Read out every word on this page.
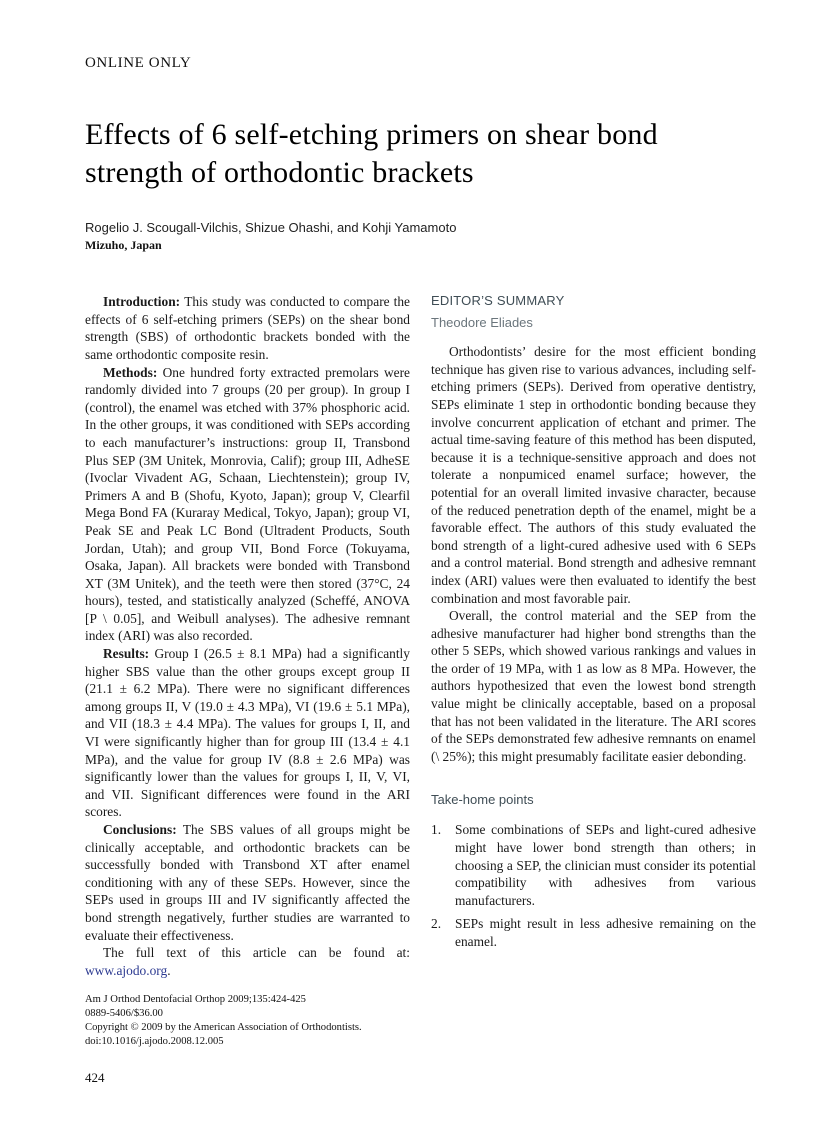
ONLINE ONLY
Effects of 6 self-etching primers on shear bond strength of orthodontic brackets
Rogelio J. Scougall-Vilchis, Shizue Ohashi, and Kohji Yamamoto
Mizuho, Japan

Introduction: This study was conducted to compare the effects of 6 self-etching primers (SEPs) on the shear bond strength (SBS) of orthodontic brackets bonded with the same orthodontic composite resin.

Methods: One hundred forty extracted premolars were randomly divided into 7 groups (20 per group). In group I (control), the enamel was etched with 37% phosphoric acid. In the other groups, it was conditioned with SEPs according to each manufacturer’s instructions: group II, Transbond Plus SEP (3M Unitek, Monrovia, Calif); group III, AdheSE (Ivoclar Vivadent AG, Schaan, Liechtenstein); group IV, Primers A and B (Shofu, Kyoto, Japan); group V, Clearfil Mega Bond FA (Kuraray Medical, Tokyo, Japan); group VI, Peak SE and Peak LC Bond (Ultradent Products, South Jordan, Utah); and group VII, Bond Force (Tokuyama, Osaka, Japan). All brackets were bonded with Transbond XT (3M Unitek), and the teeth were then stored (37°C, 24 hours), tested, and statistically analyzed (Scheffé, ANOVA [P \ 0.05], and Weibull analyses). The adhesive remnant index (ARI) was also recorded.

Results: Group I (26.5 ± 8.1 MPa) had a significantly higher SBS value than the other groups except group II (21.1 ± 6.2 MPa). There were no significant differences among groups II, V (19.0 ± 4.3 MPa), VI (19.6 ± 5.1 MPa), and VII (18.3 ± 4.4 MPa). The values for groups I, II, and VI were significantly higher than for group III (13.4 ± 4.1 MPa), and the value for group IV (8.8 ± 2.6 MPa) was significantly lower than the values for groups I, II, V, VI, and VII. Significant differences were found in the ARI scores.

Conclusions: The SBS values of all groups might be clinically acceptable, and orthodontic brackets can be successfully bonded with Transbond XT after enamel conditioning with any of these SEPs. However, since the SEPs used in groups III and IV significantly affected the bond strength negatively, further studies are warranted to evaluate their effectiveness.

The full text of this article can be found at: www.ajodo.org.

Am J Orthod Dentofacial Orthop 2009;135:424-425
0889-5406/$36.00
Copyright © 2009 by the American Association of Orthodontists.
doi:10.1016/j.ajodo.2008.12.005
EDITOR’S SUMMARY
Theodore Eliades

Orthodontists’ desire for the most efficient bonding technique has given rise to various advances, including self-etching primers (SEPs). Derived from operative dentistry, SEPs eliminate 1 step in orthodontic bonding because they involve concurrent application of etchant and primer. The actual time-saving feature of this method has been disputed, because it is a technique-sensitive approach and does not tolerate a nonpumiced enamel surface; however, the potential for an overall limited invasive character, because of the reduced penetration depth of the enamel, might be a favorable effect. The authors of this study evaluated the bond strength of a light-cured adhesive used with 6 SEPs and a control material. Bond strength and adhesive remnant index (ARI) values were then evaluated to identify the best combination and most favorable pair.

Overall, the control material and the SEP from the adhesive manufacturer had higher bond strengths than the other 5 SEPs, which showed various rankings and values in the order of 19 MPa, with 1 as low as 8 MPa. However, the authors hypothesized that even the lowest bond strength value might be clinically acceptable, based on a proposal that has not been validated in the literature. The ARI scores of the SEPs demonstrated few adhesive remnants on enamel (\ 25%); this might presumably facilitate easier debonding.

Take-home points
1.	Some combinations of SEPs and light-cured adhesive might have lower bond strength than others; in choosing a SEP, the clinician must consider its potential compatibility with adhesives from various manufacturers.
2.	SEPs might result in less adhesive remaining on the enamel.
424
